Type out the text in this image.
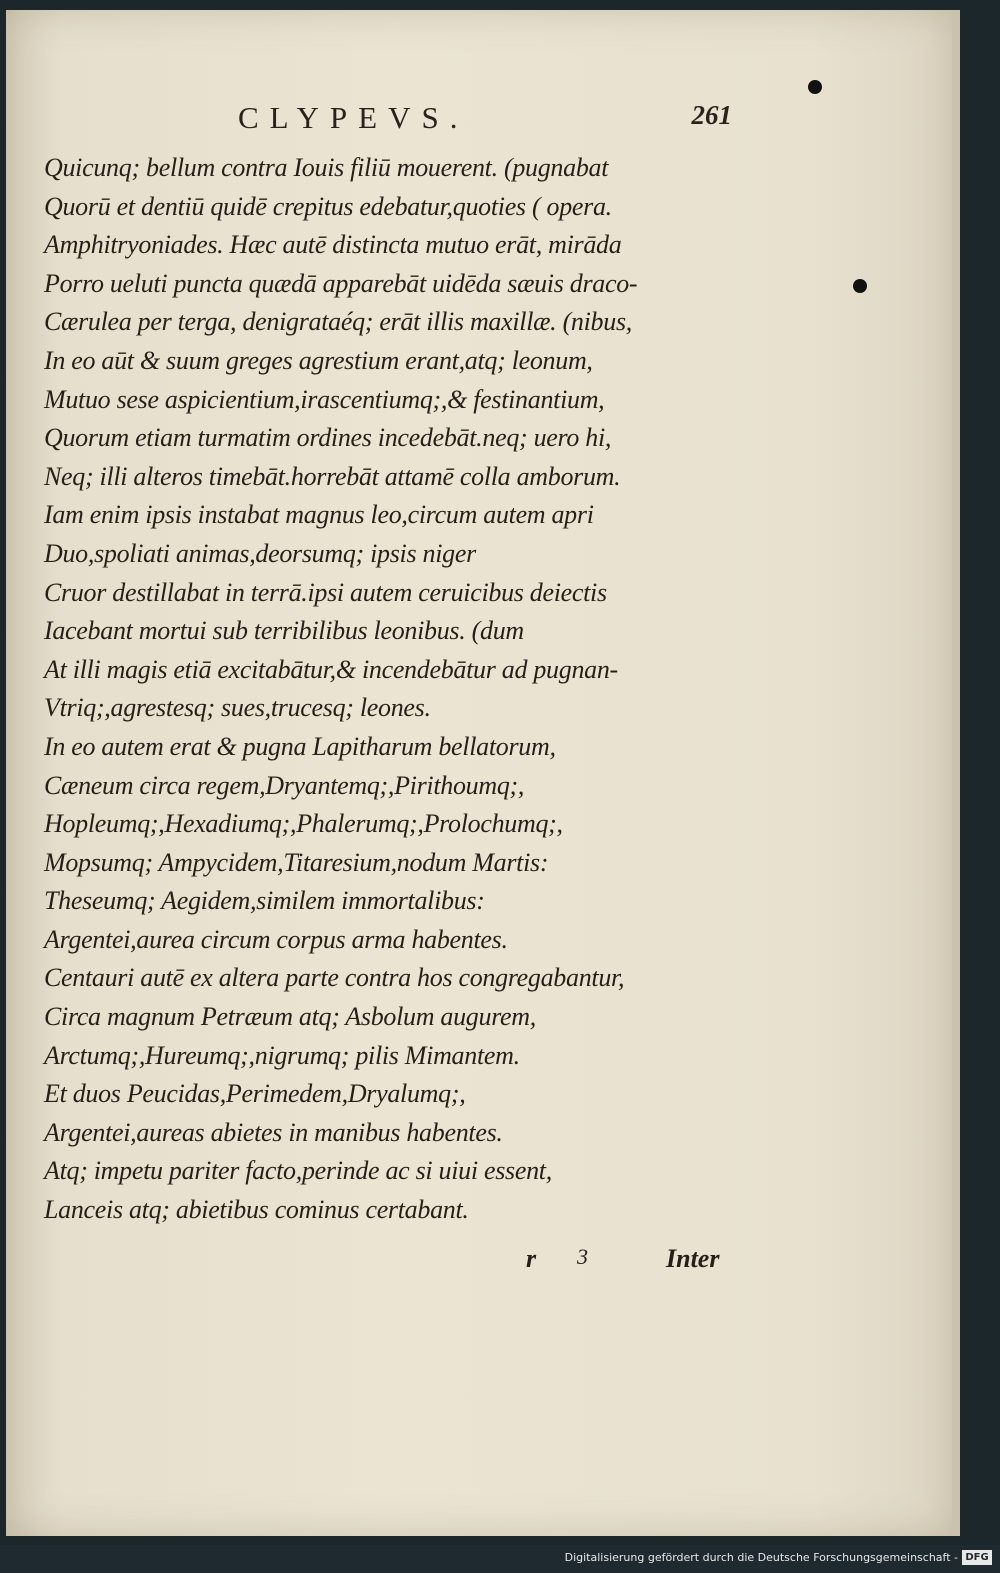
CLYPEVS.	261
Quicunq; bellum contra Iouis filiū mouerent. (pugnabat
Quorū et dentiū quidē crepitus edebatur,quoties ( opera.
Amphitryoniades. Hæc autē distincta mutuo erāt, mirāda
Porro ueluti puncta quædā apparebāt uidēda sæuis draco-
Cærulea per terga, denigrataéq; erāt illis maxillæ. (nibus,
In eo aūt & suum greges agrestium erant,atq; leonum,
Mutuo sese aspicientium,irascentiumq;,& festinantium,
Quorum etiam turmatim ordines incedebāt.neq; uero hi,
Neq; illi alteros timebāt.horrebāt attamē colla amborum.
Iam enim ipsis instabat magnus leo,circum autem apri
Duo,spoliati animas,deorsumq; ipsis niger
Cruor destillabat in terrā.ipsi autem ceruicibus deiectis
Iacebant mortui sub terribilibus leonibus. (dum
At illi magis etiā excitabātur,& incendebātur ad pugnan-
Vtriq;,agrestesq; sues,trucesq; leones.
In eo autem erat & pugna Lapitharum bellatorum,
Cæneum circa regem,Dryantemq;,Pirithoumq;,
Hopleumq;,Hexadiumq;,Phalerumq;,Prolochumq;,
Mopsumq; Ampycidem,Titaresium,nodum Martis:
Theseumq; Aegidem,similem immortalibus:
Argentei,aurea circum corpus arma habentes.
Centauri autē ex altera parte contra hos congregabantur,
Circa magnum Petræum atq; Asbolum augurem,
Arctumq;,Hureumq;,nigrumq; pilis Mimantem.
Et duos Peucidas,Perimedem,Dryalumq;,
Argentei,aureas abietes in manibus habentes.
Atq; impetu pariter facto,perinde ac si uiui essent,
Lanceis atq; abietibus cominus certabant.
r 3	Inter
Digitalisierung gefördert durch die Deutsche Forschungsgemeinschaft - DFG
